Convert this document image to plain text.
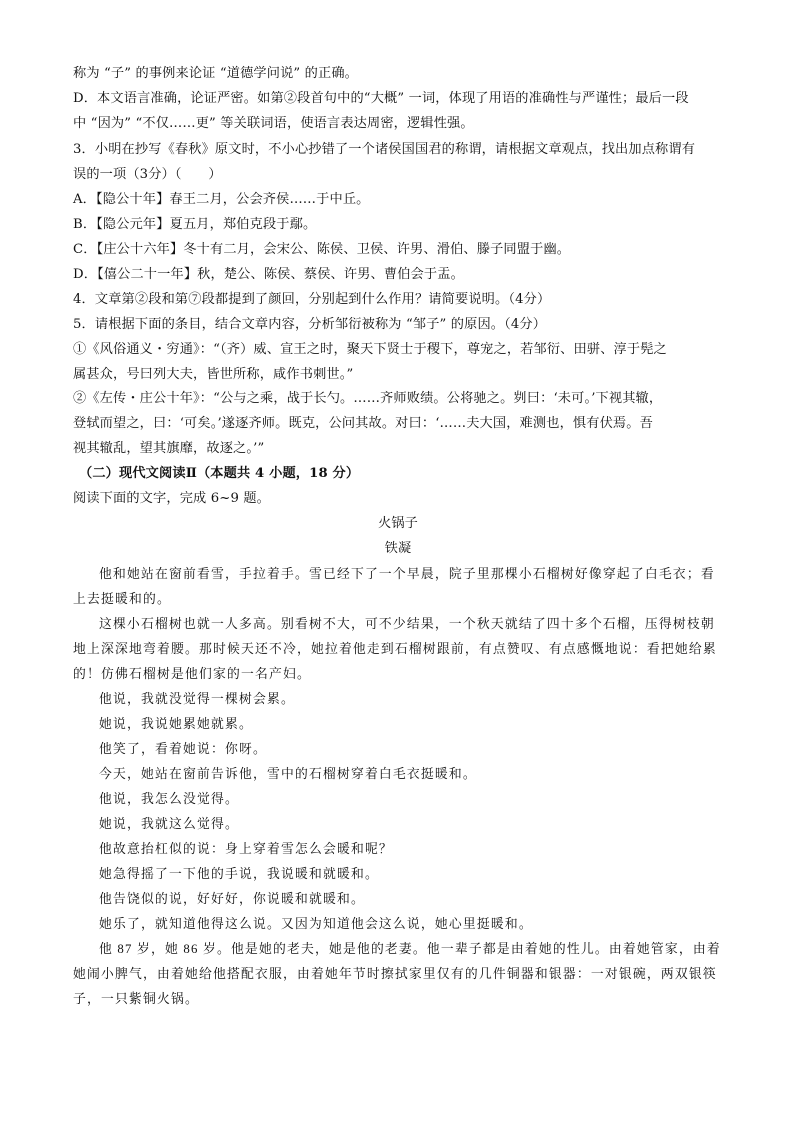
称为 “子” 的事例来论证 “道德学问说” 的正确。
D．本文语言准确，论证严密。如第②段首句中的“大概” 一词，体现了用语的准确性与严谨性；最后一段
中 “因为” “不仅……更” 等关联词语，使语言表达周密，逻辑性强。
3．小明在抄写《春秋》原文时，不小心抄错了一个诸侯国国君的称谓，请根据文章观点，找出加点称谓有
误的一项（3分）（　　）
A．【隐公十年】春王二月，公会齐侯……于中丘。
B．【隐公元年】夏五月，郑伯克段于鄢。
C．【庄公十六年】冬十有二月，会宋公、陈侯、卫侯、许男、滑伯、滕子同盟于幽。
D．【僖公二十一年】秋，楚公、陈侯、蔡侯、许男、曹伯会于盂。
4．文章第②段和第⑦段都提到了颜回，分别起到什么作用？请简要说明。（4分）
5．请根据下面的条目，结合文章内容，分析邹衍被称为 “邹子” 的原因。（4分）
①《风俗通义・穷通》：“（齐）威、宣王之时，聚天下贤士于稷下，尊宠之，若邹衍、田骈、淳于髡之
属甚众，号曰列大夫，皆世所称，咸作书刺世。”
②《左传・庄公十年》：“公与之乘，战于长勺。……齐师败绩。公将驰之。刿曰：‘未可。’下视其辙，
登轼而望之，曰：‘可矣。’遂逐齐师。既克，公问其故。对曰：‘……夫大国，难测也，惧有伏焉。吾
视其辙乱，望其旗靡，故逐之。’”
（二）现代文阅读Ⅱ（本题共 4 小题，18 分）
阅读下面的文字，完成 6~9 题。
火锅子
铁凝
他和她站在窗前看雪，手拉着手。雪已经下了一个早晨，院子里那棵小石榴树好像穿起了白毛衣；看
上去挺暖和的。
这棵小石榴树也就一人多高。别看树不大，可不少结果，一个秋天就结了四十多个石榴，压得树枝朝
地上深深地弯着腰。那时候天还不冷，她拉着他走到石榴树跟前，有点赞叹、有点感慨地说：看把她给累
的！仿佛石榴树是他们家的一名产妇。
他说，我就没觉得一棵树会累。
她说，我说她累她就累。
他笑了，看着她说：你呀。
今天，她站在窗前告诉他，雪中的石榴树穿着白毛衣挺暖和。
他说，我怎么没觉得。
她说，我就这么觉得。
他故意抬杠似的说：身上穿着雪怎么会暖和呢？
她急得摇了一下他的手说，我说暖和就暖和。
他告饶似的说，好好好，你说暖和就暖和。
她乐了，就知道他得这么说。又因为知道他会这么说，她心里挺暖和。
他 87 岁，她 86 岁。他是她的老夫，她是他的老妻。他一辈子都是由着她的性儿。由着她管家，由着
她闹小脾气，由着她给他搭配衣服，由着她年节时擦拭家里仅有的几件铜器和银器：一对银碗，两双银筷
子，一只紫铜火锅。
